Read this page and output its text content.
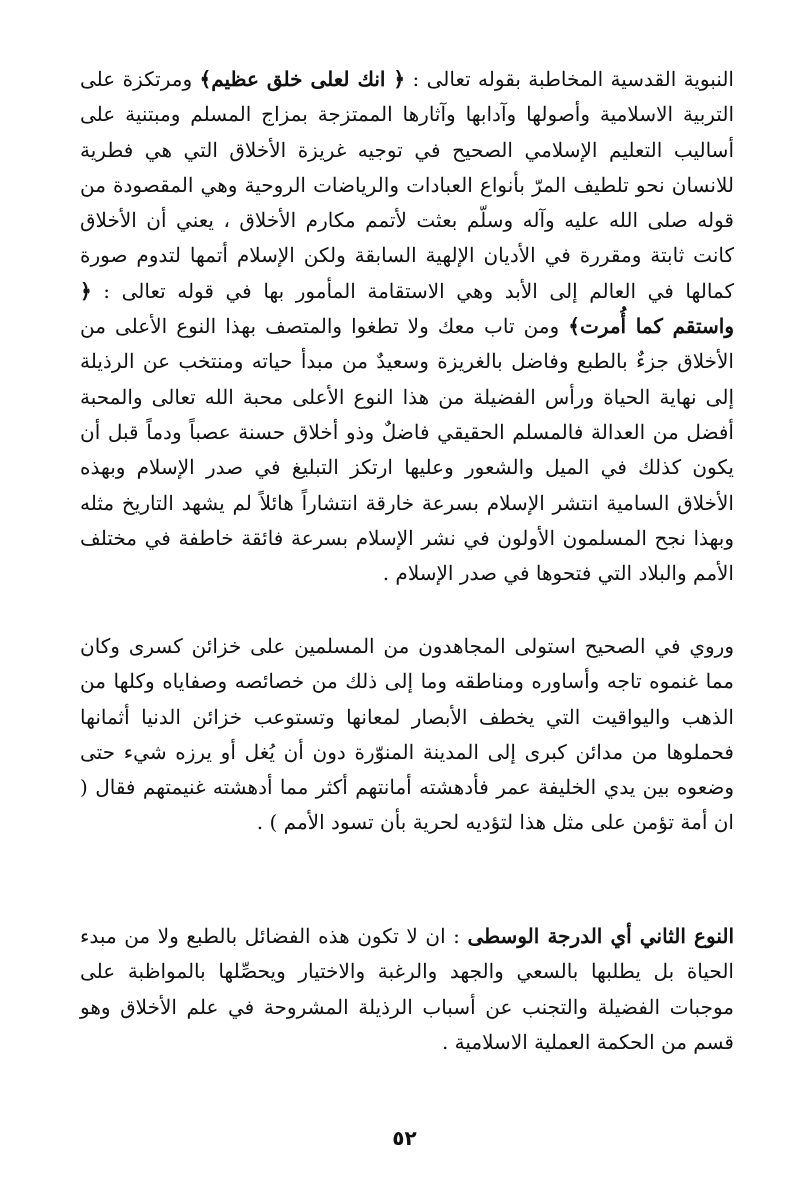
النبوية القدسية المخاطبة بقوله تعالى : ﴿ انك لعلى خلق عظيم﴾ ومرتكزة على التربية الاسلامية وأصولها وآدابها وآثارها الممتزجة بمزاج المسلم ومبتنية على أساليب التعليم الإسلامي الصحيح في توجيه غريزة الأخلاق التي هي فطرية للانسان نحو تلطيف المرّ بأنواع العبادات والرياضات الروحية وهي المقصودة من قوله صلى الله عليه وآله وسلّم بعثت لأتمم مكارم الأخلاق ، يعني أن الأخلاق كانت ثابتة ومقررة في الأديان الإلهية السابقة ولكن الإسلام أتمها لتدوم صورة كمالها في العالم إلى الأبد وهي الاستقامة المأمور بها في قوله تعالى : ﴿ واستقم كما أُمرت﴾ ومن تاب معك ولا تطغوا والمتصف بهذا النوع الأعلى من الأخلاق جزءٌ بالطبع وفاضل بالغريزة وسعيدٌ من مبدأ حياته ومنتخب عن الرذيلة إلى نهاية الحياة ورأس الفضيلة من هذا النوع الأعلى محبة الله تعالى والمحبة أفضل من العدالة فالمسلم الحقيقي فاضلٌ وذو أخلاق حسنة عصباً ودماً قبل أن يكون كذلك في الميل والشعور وعليها ارتكز التبليغ في صدر الإسلام وبهذه الأخلاق السامية انتشر الإسلام بسرعة خارقة انتشاراً هائلاً لم يشهد التاريخ مثله وبهذا نجح المسلمون الأولون في نشر الإسلام بسرعة فائقة خاطفة في مختلف الأمم والبلاد التي فتحوها في صدر الإسلام .

وروي في الصحيح استولى المجاهدون من المسلمين على خزائن كسرى وكان مما غنموه تاجه وأساوره ومناطقه وما إلى ذلك من خصائصه وصفاياه وكلها من الذهب واليواقيت التي يخطف الأبصار لمعانها وتستوعب خزائن الدنيا أثمانها فحملوها من مدائن كبرى إلى المدينة المنوّرة دون أن يُغل أو يرزه شيء حتى وضعوه بين يدي الخليفة عمر فأدهشته أمانتهم أكثر مما أدهشته غنيمتهم فقال ( ان أمة تؤمن على مثل هذا لتؤديه لحرية بأن تسود الأمم ) .

النوع الثاني أي الدرجة الوسطى : ان لا تكون هذه الفضائل بالطبع ولا من مبدء الحياة بل يطلبها بالسعي والجهد والرغبة والاختيار ويحصِّلها بالمواظبة على موجبات الفضيلة والتجنب عن أسباب الرذيلة المشروحة في علم الأخلاق وهو قسم من الحكمة العملية الاسلامية .

٥٢
